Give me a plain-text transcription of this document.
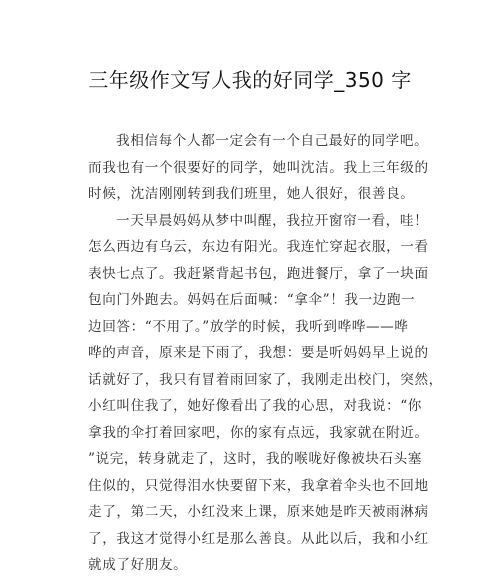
三年级作文写人我的好同学_350 字
我相信每个人都一定会有一个自己最好的同学吧。
而我也有一个很要好的同学，她叫沈洁。我上三年级的
时候，沈洁刚刚转到我们班里，她人很好，很善良。
一天早晨妈妈从梦中叫醒，我拉开窗帘一看，哇！
怎么西边有乌云，东边有阳光。我连忙穿起衣服，一看
表快七点了。我赶紧背起书包，跑进餐厅，拿了一块面
包向门外跑去。妈妈在后面喊：“拿伞”！我一边跑一
边回答：“不用了。”放学的时候，我听到哗哗——哗
哗的声音，原来是下雨了，我想：要是听妈妈早上说的
话就好了，我只有冒着雨回家了，我刚走出校门，突然，
小红叫住我了，她好像看出了我的心思，对我说：“你
拿我的伞打着回家吧，你的家有点远，我家就在附近。
”说完，转身就走了，这时，我的喉咙好像被块石头塞
住似的，只觉得泪水快要留下来，我拿着伞头也不回地
走了，第二天，小红没来上课，原来她是昨天被雨淋病
了，我这才觉得小红是那么善良。从此以后，我和小红
就成了好朋友。
